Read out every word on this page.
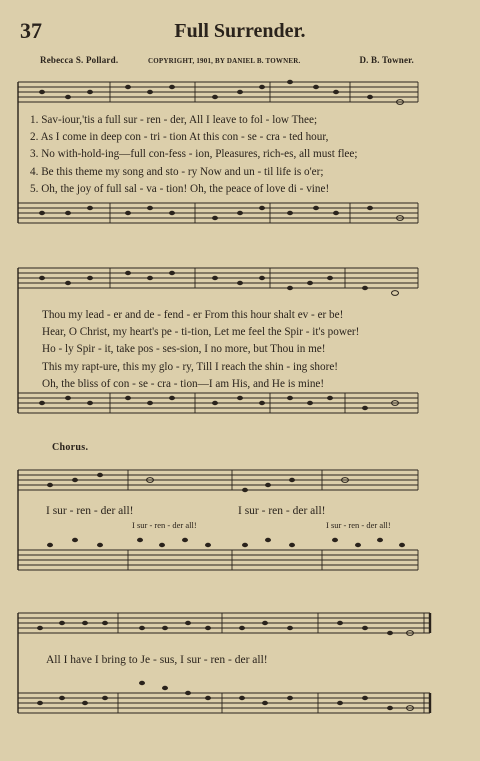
37	Full Surrender.
Rebecca S. Pollard.	COPYRIGHT, 1901, BY DANIEL B. TOWNER.	D. B. Towner.
1. Sav-iour,'tis a full sur - ren - der, All I leave to fol - low Thee;
2. As I come in deep con - tri - tion At this con - se - cra - ted hour,
3. No with-hold-ing—full con-fess - ion, Pleasures, rich-es, all must flee;
4. Be this theme my song and sto - ry Now and un - til life is o'er;
5. Oh, the joy of full sal - va - tion! Oh, the peace of love di - vine!
Thou my lead - er and de - fend - er From this hour shalt ev - er be!
Hear, O Christ, my heart's pe - ti-tion, Let me feel the Spir - it's power!
Ho - ly Spir - it, take pos - ses-sion, I no more, but Thou in me!
This my rapt-ure, this my glo - ry, Till I reach the shin - ing shore!
Oh, the bliss of con - se - cra - tion—I am His, and He is mine!
Chorus.
I sur - ren - der all!	I sur - ren - der all!
I sur - ren - der all!	I sur - ren - der all!
All I have I bring to Je - sus, I sur - ren - der all!
